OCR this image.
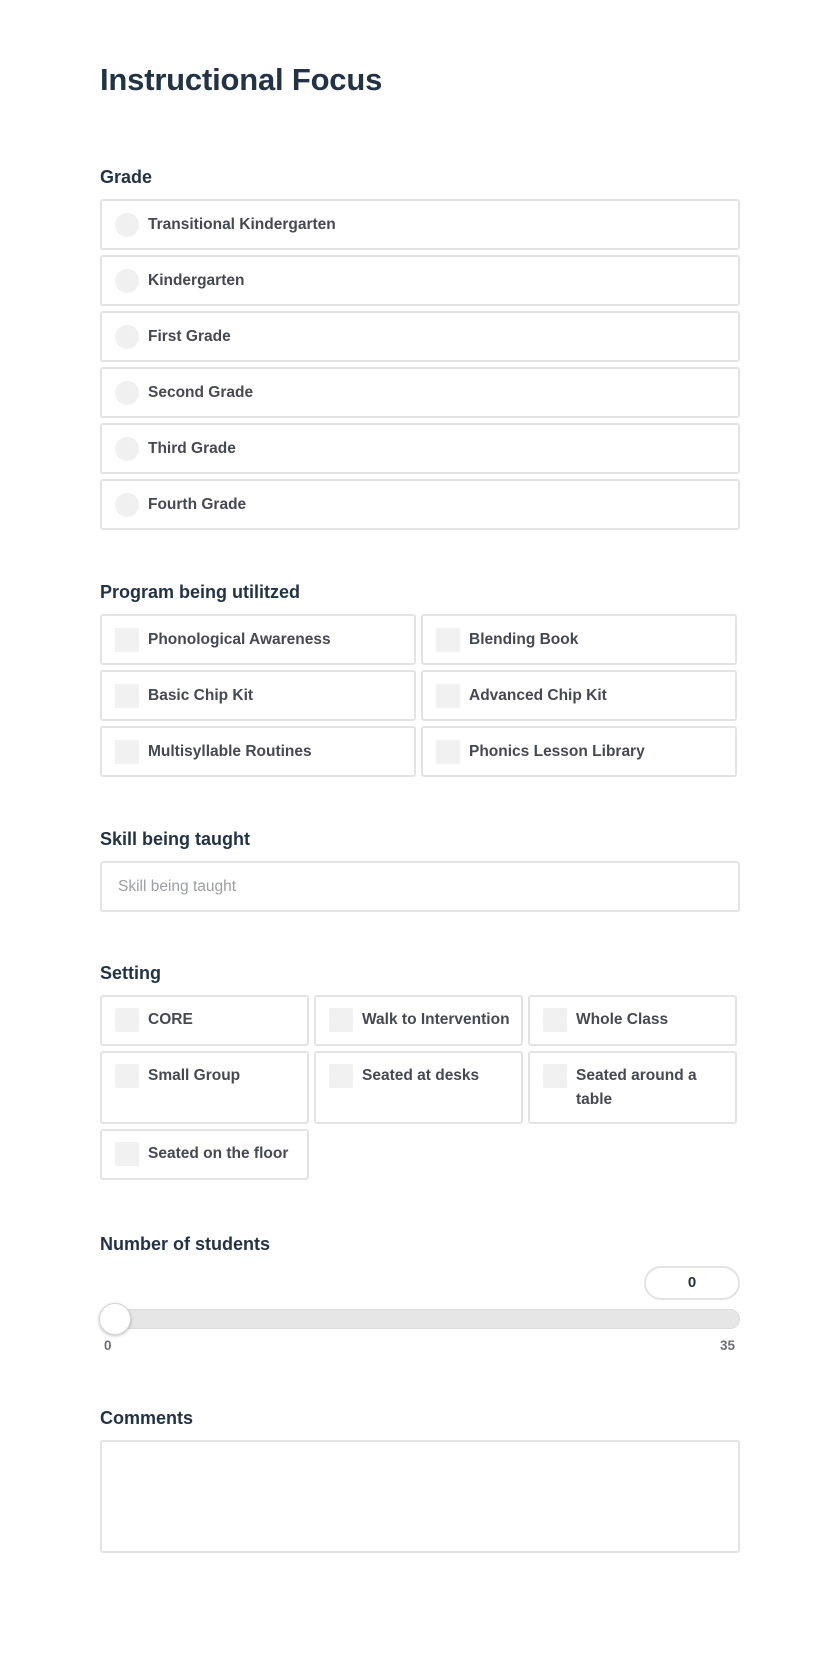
Instructional Focus
Grade
Transitional Kindergarten
Kindergarten
First Grade
Second Grade
Third Grade
Fourth Grade
Program being utilitzed
Phonological Awareness	Blending Book
Basic Chip Kit	Advanced Chip Kit
Multisyllable Routines	Phonics Lesson Library
Skill being taught
Skill being taught
Setting
CORE	Walk to Intervention	Whole Class
Small Group	Seated at desks	Seated around a table
Seated on the floor
Number of students
0
0	35
Comments
